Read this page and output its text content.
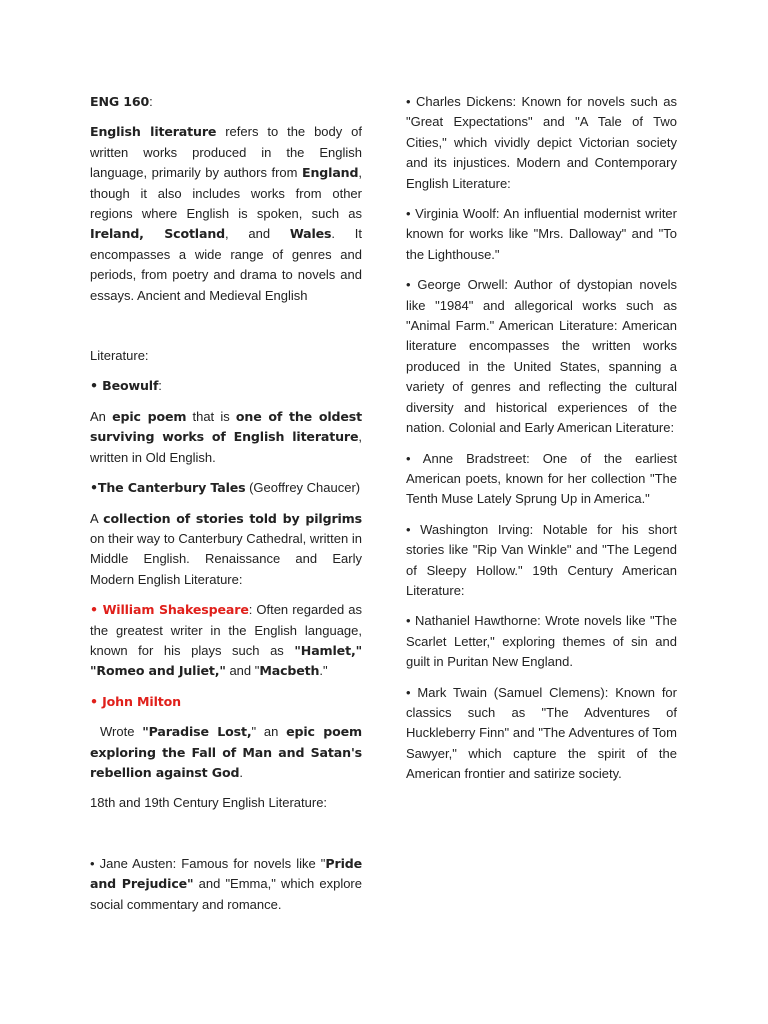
ENG 160:

English literature refers to the body of written works produced in the English language, primarily by authors from England, though it also includes works from other regions where English is spoken, such as Ireland, Scotland, and Wales. It encompasses a wide range of genres and periods, from poetry and drama to novels and essays. Ancient and Medieval English

Literature:

• Beowulf:

An epic poem that is one of the oldest surviving works of English literature, written in Old English.

•The Canterbury Tales (Geoffrey Chaucer)

A collection of stories told by pilgrims on their way to Canterbury Cathedral, written in Middle English. Renaissance and Early Modern English Literature:

• William Shakespeare: Often regarded as the greatest writer in the English language, known for his plays such as "Hamlet," "Romeo and Juliet," and "Macbeth."

• John Milton

Wrote "Paradise Lost," an epic poem exploring the Fall of Man and Satan's rebellion against God.

18th and 19th Century English Literature:

• Jane Austen: Famous for novels like "Pride and Prejudice" and "Emma," which explore social commentary and romance.

• Charles Dickens: Known for novels such as "Great Expectations" and "A Tale of Two Cities," which vividly depict Victorian society and its injustices. Modern and Contemporary English Literature:

• Virginia Woolf: An influential modernist writer known for works like "Mrs. Dalloway" and "To the Lighthouse."

• George Orwell: Author of dystopian novels like "1984" and allegorical works such as "Animal Farm." American Literature: American literature encompasses the written works produced in the United States, spanning a variety of genres and reflecting the cultural diversity and historical experiences of the nation. Colonial and Early American Literature:

• Anne Bradstreet: One of the earliest American poets, known for her collection "The Tenth Muse Lately Sprung Up in America."

• Washington Irving: Notable for his short stories like "Rip Van Winkle" and "The Legend of Sleepy Hollow." 19th Century American Literature:

• Nathaniel Hawthorne: Wrote novels like "The Scarlet Letter," exploring themes of sin and guilt in Puritan New England.

• Mark Twain (Samuel Clemens): Known for classics such as "The Adventures of Huckleberry Finn" and "The Adventures of Tom Sawyer," which capture the spirit of the American frontier and satirize society.
